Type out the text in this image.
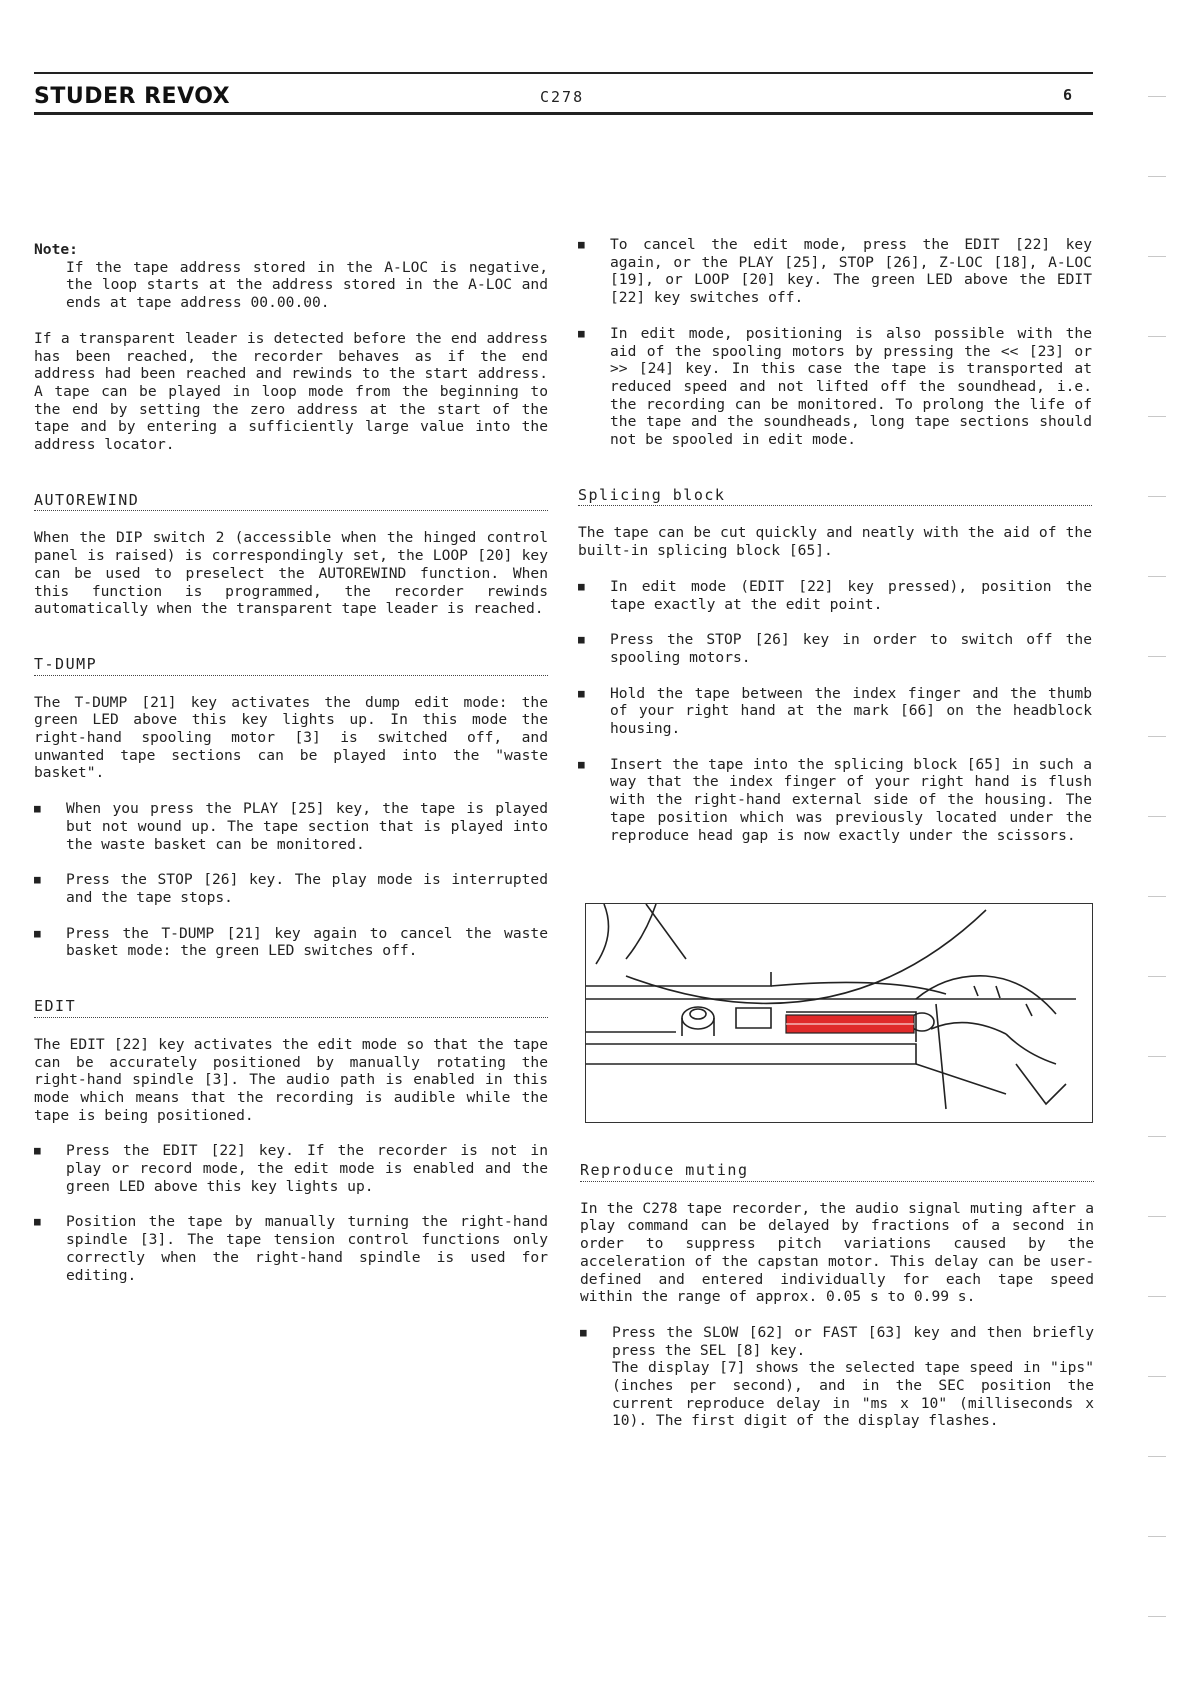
STUDER REVOX	C278	6

Note:

If the tape address stored in the A-LOC is negative, the loop starts at the address stored in the A-LOC and ends at tape address 00.00.00.

If a transparent leader is detected before the end address has been reached, the recorder behaves as if the end address had been reached and rewinds to the start address. A tape can be played in loop mode from the beginning to the end by setting the zero address at the start of the tape and by entering a sufficiently large value into the address locator.

AUTOREWIND

When the DIP switch 2 (accessible when the hinged control panel is raised) is correspondingly set, the LOOP [20] key can be used to preselect the AUTOREWIND function. When this function is programmed, the recorder rewinds automatically when the transparent tape leader is reached.

T-DUMP

The T-DUMP [21] key activates the dump edit mode: the green LED above this key lights up. In this mode the right-hand spooling motor [3] is switched off, and unwanted tape sections can be played into the "waste basket".

■ When you press the PLAY [25] key, the tape is played but not wound up. The tape section that is played into the waste basket can be monitored.

■ Press the STOP [26] key. The play mode is interrupted and the tape stops.

■ Press the T-DUMP [21] key again to cancel the waste basket mode: the green LED switches off.

EDIT

The EDIT [22] key activates the edit mode so that the tape can be accurately positioned by manually rotating the right-hand spindle [3]. The audio path is enabled in this mode which means that the recording is audible while the tape is being positioned.

■ Press the EDIT [22] key. If the recorder is not in play or record mode, the edit mode is enabled and the green LED above this key lights up.

■ Position the tape by manually turning the right-hand spindle [3]. The tape tension control functions only correctly when the right-hand spindle is used for editing.

■ To cancel the edit mode, press the EDIT [22] key again, or the PLAY [25], STOP [26], Z-LOC [18], A-LOC [19], or LOOP [20] key. The green LED above the EDIT [22] key switches off.

■ In edit mode, positioning is also possible with the aid of the spooling motors by pressing the << [23] or >> [24] key. In this case the tape is transported at reduced speed and not lifted off the soundhead, i.e. the recording can be monitored. To prolong the life of the tape and the soundheads, long tape sections should not be spooled in edit mode.

Splicing block

The tape can be cut quickly and neatly with the aid of the built-in splicing block [65].

■ In edit mode (EDIT [22] key pressed), position the tape exactly at the edit point.

■ Press the STOP [26] key in order to switch off the spooling motors.

■ Hold the tape between the index finger and the thumb of your right hand at the mark [66] on the headblock housing.

■ Insert the tape into the splicing block [65] in such a way that the index finger of your right hand is flush with the right-hand external side of the housing. The tape position which was previously located under the reproduce head gap is now exactly under the scissors.

Reproduce muting

In the C278 tape recorder, the audio signal muting after a play command can be delayed by fractions of a second in order to suppress pitch variations caused by the acceleration of the capstan motor. This delay can be user-defined and entered individually for each tape speed within the range of approx. 0.05 s to 0.99 s.

■ Press the SLOW [62] or FAST [63] key and then briefly press the SEL [8] key.

The display [7] shows the selected tape speed in "ips" (inches per second), and in the SEC position the current reproduce delay in "ms x 10" (milliseconds x 10). The first digit of the display flashes.
